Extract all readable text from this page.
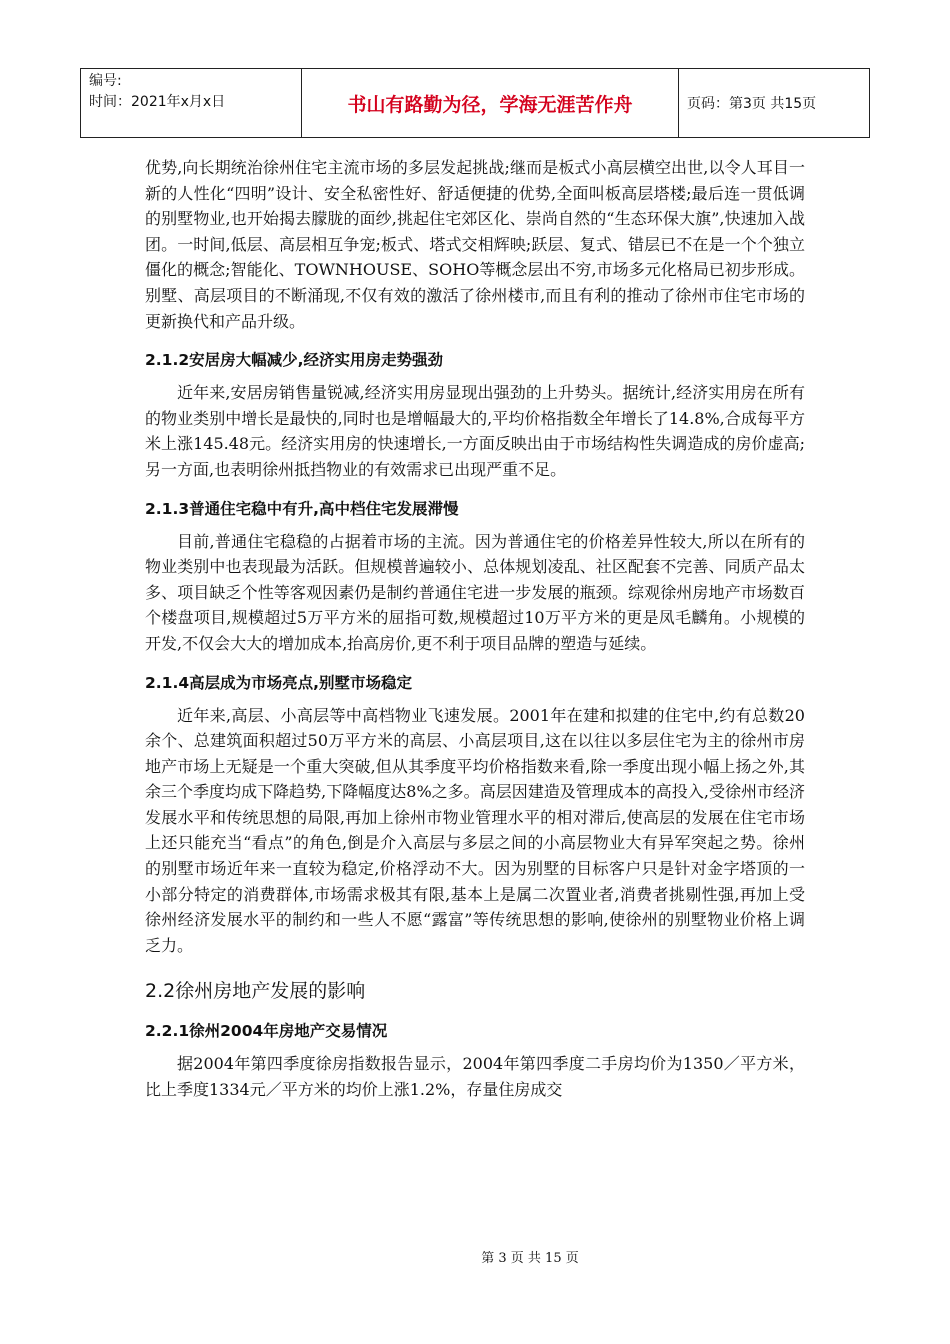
编号:
时间：2021年x月x日	书山有路勤为径，学海无涯苦作舟	页码：第3页 共15页

优势,向长期统治徐州住宅主流市场的多层发起挑战;继而是板式小高层横空出世,以令人耳目一新的人性化“四明”设计、安全私密性好、舒适便捷的优势,全面叫板高层塔楼;最后连一贯低调的别墅物业,也开始揭去朦胧的面纱,挑起住宅郊区化、崇尚自然的“生态环保大旗”,快速加入战团。一时间,低层、高层相互争宠;板式、塔式交相辉映;跃层、复式、错层已不在是一个个独立僵化的概念;智能化、TOWNHOUSE、SOHO等概念层出不穷,市场多元化格局已初步形成。别墅、高层项目的不断涌现,不仅有效的激活了徐州楼市,而且有利的推动了徐州市住宅市场的更新换代和产品升级。

2.1.2安居房大幅减少,经济实用房走势强劲

近年来,安居房销售量锐减,经济实用房显现出强劲的上升势头。据统计,经济实用房在所有的物业类别中增长是最快的,同时也是增幅最大的,平均价格指数全年增长了14.8%,合成每平方米上涨145.48元。经济实用房的快速增长,一方面反映出由于市场结构性失调造成的房价虚高;另一方面,也表明徐州抵挡物业的有效需求已出现严重不足。

2.1.3普通住宅稳中有升,高中档住宅发展滞慢

目前,普通住宅稳稳的占据着市场的主流。因为普通住宅的价格差异性较大,所以在所有的物业类别中也表现最为活跃。但规模普遍较小、总体规划凌乱、社区配套不完善、同质产品太多、项目缺乏个性等客观因素仍是制约普通住宅进一步发展的瓶颈。综观徐州房地产市场数百个楼盘项目,规模超过5万平方米的屈指可数,规模超过10万平方米的更是凤毛麟角。小规模的开发,不仅会大大的增加成本,抬高房价,更不利于项目品牌的塑造与延续。

2.1.4高层成为市场亮点,别墅市场稳定

近年来,高层、小高层等中高档物业飞速发展。2001年在建和拟建的住宅中,约有总数20余个、总建筑面积超过50万平方米的高层、小高层项目,这在以往以多层住宅为主的徐州市房地产市场上无疑是一个重大突破,但从其季度平均价格指数来看,除一季度出现小幅上扬之外,其余三个季度均成下降趋势,下降幅度达8%之多。高层因建造及管理成本的高投入,受徐州市经济发展水平和传统思想的局限,再加上徐州市物业管理水平的相对滞后,使高层的发展在住宅市场上还只能充当“看点”的角色,倒是介入高层与多层之间的小高层物业大有异军突起之势。徐州的别墅市场近年来一直较为稳定,价格浮动不大。因为别墅的目标客户只是针对金字塔顶的一小部分特定的消费群体,市场需求极其有限,基本上是属二次置业者,消费者挑剔性强,再加上受徐州经济发展水平的制约和一些人不愿“露富”等传统思想的影响,使徐州的别墅物业价格上调乏力。

2.2徐州房地产发展的影响
2.2.1徐州2004年房地产交易情况

据2004年第四季度徐房指数报告显示，2004年第四季度二手房均价为1350／平方米，比上季度1334元／平方米的均价上涨1.2%，存量住房成交

第 3 页 共 15 页
